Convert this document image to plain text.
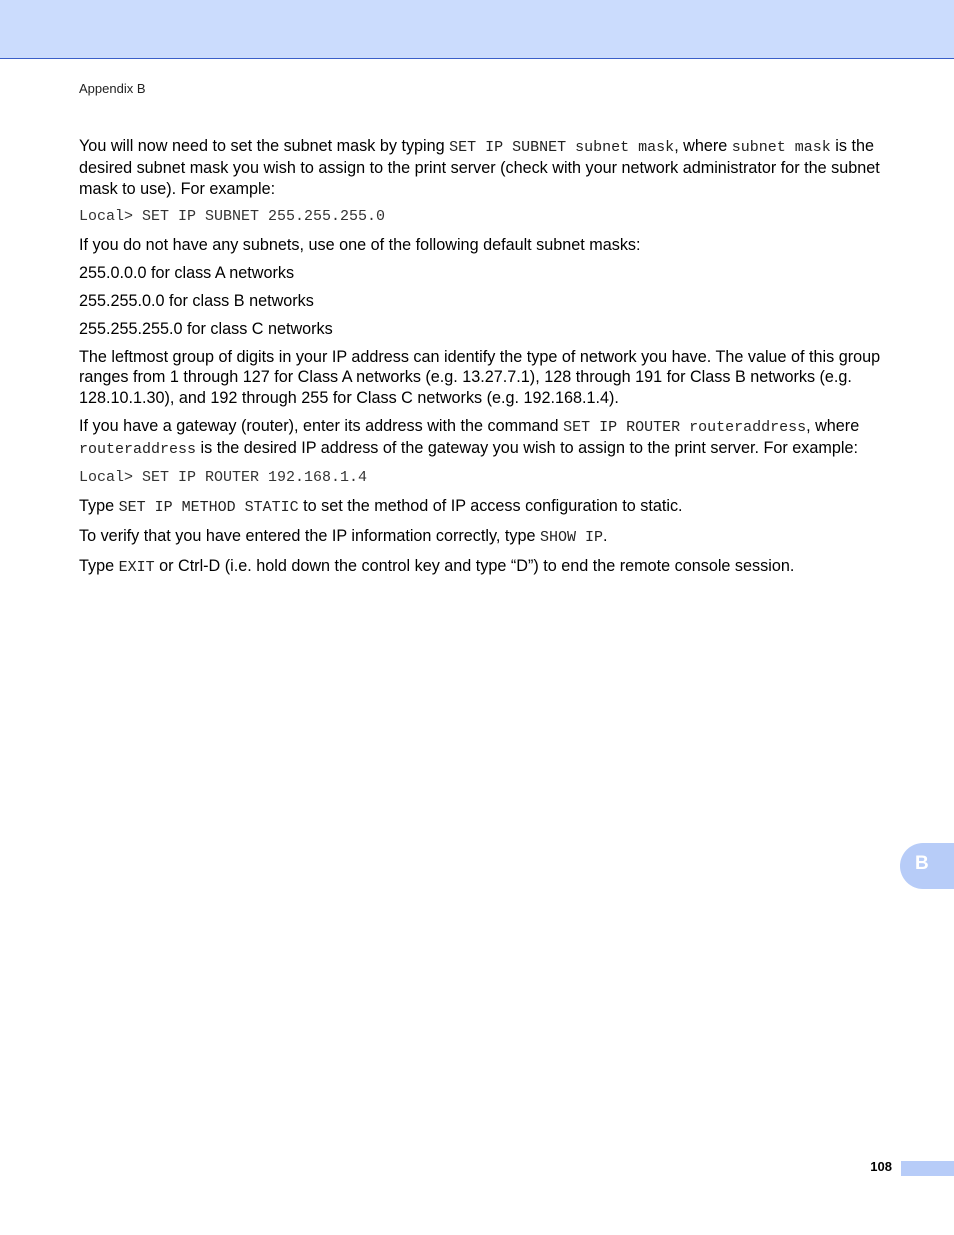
Appendix B

You will now need to set the subnet mask by typing SET IP SUBNET subnet mask, where subnet mask is the desired subnet mask you wish to assign to the print server (check with your network administrator for the subnet mask to use). For example:

Local> SET IP SUBNET 255.255.255.0

If you do not have any subnets, use one of the following default subnet masks:

255.0.0.0 for class A networks

255.255.0.0 for class B networks

255.255.255.0 for class C networks

The leftmost group of digits in your IP address can identify the type of network you have. The value of this group ranges from 1 through 127 for Class A networks (e.g. 13.27.7.1), 128 through 191 for Class B networks (e.g. 128.10.1.30), and 192 through 255 for Class C networks (e.g. 192.168.1.4).

If you have a gateway (router), enter its address with the command SET IP ROUTER routeraddress, where routeraddress is the desired IP address of the gateway you wish to assign to the print server. For example:

Local> SET IP ROUTER 192.168.1.4

Type SET IP METHOD STATIC to set the method of IP access configuration to static.

To verify that you have entered the IP information correctly, type SHOW IP.

Type EXIT or Ctrl-D (i.e. hold down the control key and type “D”) to end the remote console session.

B
108
